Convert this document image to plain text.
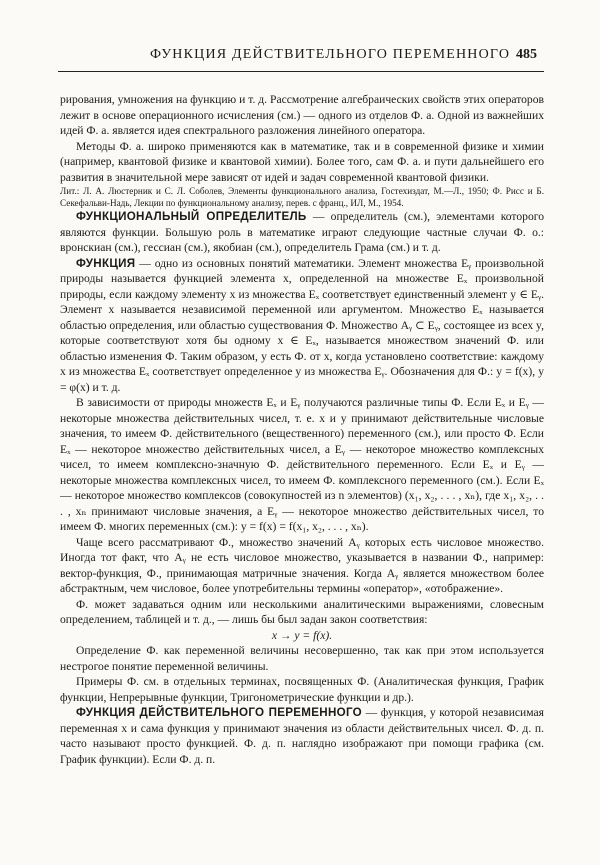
ФУНКЦИЯ ДЕЙСТВИТЕЛЬНОГО ПЕРЕМЕННОГО 485

рирования, умножения на функцию и т. д. Рассмотрение алгебраических свойств этих операторов лежит в основе операционного исчисления (см.) — одного из отделов Ф. а. Одной из важнейших идей Ф. а. является идея спектрального разложения линейного оператора.

Методы Ф. а. широко применяются как в математике, так и в современной физике и химии (например, квантовой физике и квантовой химии). Более того, сам Ф. а. и пути дальнейшего его развития в значительной мере зависят от идей и задач современной квантовой физики.

Лит.: Л. А. Люстерник и С. Л. Соболев, Элементы функционального анализа, Гостехиздат, М.—Л., 1950; Ф. Рисс и Б. Секефальви-Надь, Лекции по функциональному анализу, перев. с франц., ИЛ, М., 1954.

ФУНКЦИОНАЛЬНЫЙ ОПРЕДЕЛИТЕЛЬ — определитель (см.), элементами которого являются функции. Большую роль в математике играют следующие частные случаи Ф. о.: вронскиан (см.), гессиан (см.), якобиан (см.), определитель Грама (см.) и т. д.

ФУНКЦИЯ — одно из основных понятий математики. Элемент множества Eᵧ произвольной природы называется функцией элемента x, определенной на множестве Eₓ произвольной природы, если каждому элементу x из множества Eₓ соответствует единственный элемент y ∈ Eᵧ. Элемент x называется независимой переменной или аргументом. Множество Eₓ называется областью определения, или областью существования Ф. Множество Aᵧ ⊂ Eᵧ, состоящее из всех y, которые соответствуют хотя бы одному x ∈ Eₓ, называется множеством значений Ф. или областью изменения Ф. Таким образом, y есть Ф. от x, когда установлено соответствие: каждому x из множества Eₓ соответствует определенное y из множества Eᵧ. Обозначения для Ф.: y = f(x), y = φ(x) и т. д.

В зависимости от природы множеств Eₓ и Eᵧ получаются различные типы Ф. Если Eₓ и Eᵧ — некоторые множества действительных чисел, т. е. x и y принимают действительные числовые значения, то имеем Ф. действительного (вещественного) переменного (см.), или просто Ф. Если Eₓ — некоторое множество действительных чисел, а Eᵧ — некоторое множество комплексных чисел, то имеем комплексно-значную Ф. действительного переменного. Если Eₓ и Eᵧ — некоторые множества комплексных чисел, то имеем Ф. комплексного переменного (см.). Если Eₓ — некоторое множество комплексов (совокупностей из n элементов) (x₁, x₂, . . . , xₙ), где x₁, x₂, . . . , xₙ принимают числовые значения, а Eᵧ — некоторое множество действительных чисел, то имеем Ф. многих переменных (см.): y = f(x) = f(x₁, x₂, . . . , xₙ).

Чаще всего рассматривают Ф., множество значений Aᵧ которых есть числовое множество. Иногда тот факт, что Aᵧ не есть числовое множество, указывается в названии Ф., например: вектор-функция, Ф., принимающая матричные значения. Когда Aᵧ является множеством более абстрактным, чем числовое, более употребительны термины «оператор», «отображение».

Ф. может задаваться одним или несколькими аналитическими выражениями, словесным определением, таблицей и т. д., — лишь бы был задан закон соответствия:

x → y = f(x).

Определение Ф. как переменной величины несовершенно, так как при этом используется нестрогое понятие переменной величины.

Примеры Ф. см. в отдельных терминах, посвященных Ф. (Аналитическая функция, График функции, Непрерывные функции, Тригонометрические функции и др.).

ФУНКЦИЯ ДЕЙСТВИТЕЛЬНОГО ПЕРЕМЕННОГО — функция, у которой независимая переменная x и сама функция y принимают значения из области действительных чисел. Ф. д. п. часто называют просто функцией. Ф. д. п. наглядно изображают при помощи графика (см. График функции). Если Ф. д. п.
